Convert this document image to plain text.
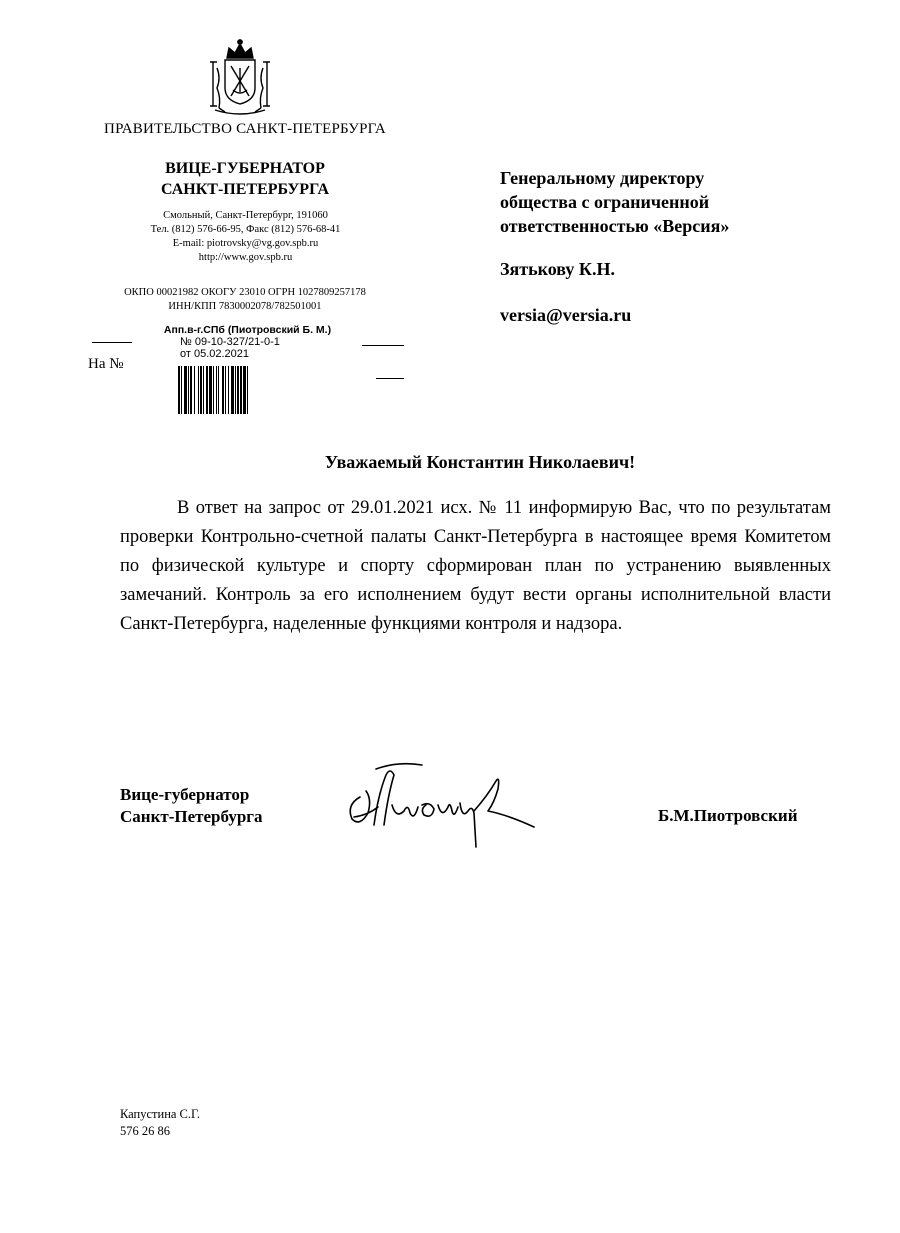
ПРАВИТЕЛЬСТВО САНКТ-ПЕТЕРБУРГА
ВИЦЕ-ГУБЕРНАТОР
САНКТ-ПЕТЕРБУРГА
Смольный, Санкт-Петербург, 191060
Тел. (812) 576-66-95, Факс (812) 576-68-41
E-mail: piotrovsky@vg.gov.spb.ru
http://www.gov.spb.ru
ОКПО 00021982 ОКОГУ 23010 ОГРН 1027809257178
ИНН/КПП 7830002078/782501001
Апп.в-г.СПб (Пиотровский Б. М.)
№ 09-10-327/21-0-1
от 05.02.2021
На №
Генеральному директору
общества с ограниченной
ответственностью «Версия»
Зятькову К.Н.
versia@versia.ru
Уважаемый Константин Николаевич!

В ответ на запрос от 29.01.2021 исх. № 11 информирую Вас, что по результатам проверки Контрольно-счетной палаты Санкт-Петербурга в настоящее время Комитетом по физической культуре и спорту сформирован план по устранению выявленных замечаний. Контроль за его исполнением будут вести органы исполнительной власти Санкт-Петербурга, наделенные функциями контроля и надзора.

Вице-губернатор
Санкт-Петербурга	Б.М.Пиотровский
Капустина С.Г.
576 26 86
